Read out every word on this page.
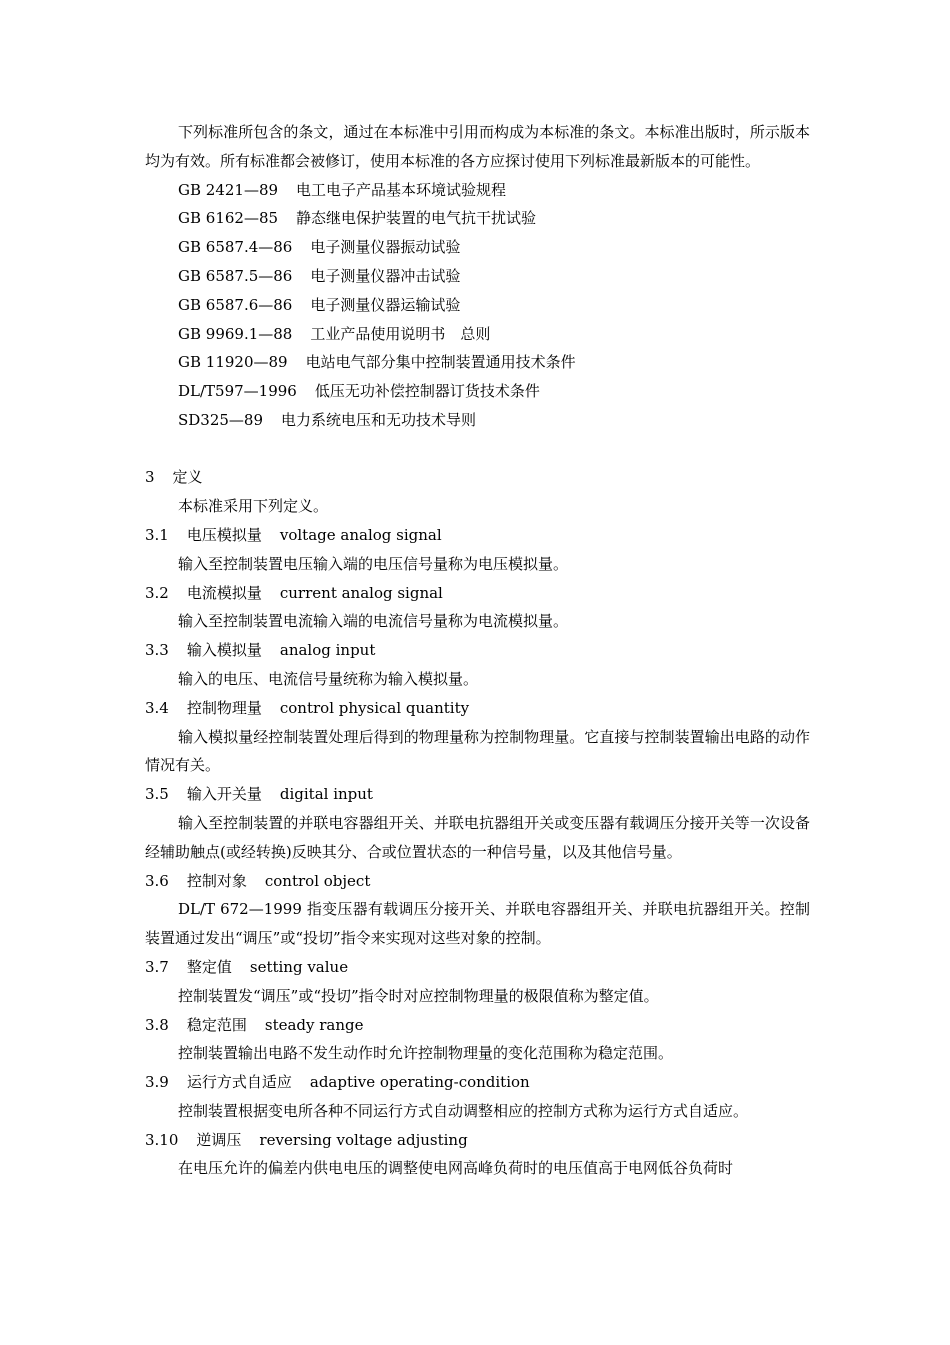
下列标准所包含的条文，通过在本标准中引用而构成为本标准的条文。本标准出版时，所示版本均为有效。所有标准都会被修订，使用本标准的各方应探讨使用下列标准最新版本的可能性。
GB 2421—89 电工电子产品基本环境试验规程
GB 6162—85 静态继电保护装置的电气抗干扰试验
GB 6587.4—86 电子测量仪器振动试验
GB 6587.5—86 电子测量仪器冲击试验
GB 6587.6—86 电子测量仪器运输试验
GB 9969.1—88 工业产品使用说明书　总则
GB 11920—89 电站电气部分集中控制装置通用技术条件
DL/T597—1996 低压无功补偿控制器订货技术条件
SD325—89 电力系统电压和无功技术导则
3 定义
本标准采用下列定义。
3.1 电压模拟量 voltage analog signal
输入至控制装置电压输入端的电压信号量称为电压模拟量。
3.2 电流模拟量 current analog signal
输入至控制装置电流输入端的电流信号量称为电流模拟量。
3.3 输入模拟量 analog input
输入的电压、电流信号量统称为输入模拟量。
3.4 控制物理量 control physical quantity
输入模拟量经控制装置处理后得到的物理量称为控制物理量。它直接与控制装置输出电路的动作情况有关。
3.5 输入开关量 digital input
输入至控制装置的并联电容器组开关、并联电抗器组开关或变压器有载调压分接开关等一次设备经辅助触点(或经转换)反映其分、合或位置状态的一种信号量，以及其他信号量。
3.6 控制对象 control object
DL/T 672—1999 指变压器有载调压分接开关、并联电容器组开关、并联电抗器组开关。控制装置通过发出“调压”或“投切”指令来实现对这些对象的控制。
3.7 整定值 setting value
控制装置发“调压”或“投切”指令时对应控制物理量的极限值称为整定值。
3.8 稳定范围 steady range
控制装置输出电路不发生动作时允许控制物理量的变化范围称为稳定范围。
3.9 运行方式自适应 adaptive operating-condition
控制装置根据变电所各种不同运行方式自动调整相应的控制方式称为运行方式自适应。
3.10 逆调压 reversing voltage adjusting
在电压允许的偏差内供电电压的调整使电网高峰负荷时的电压值高于电网低谷负荷时
